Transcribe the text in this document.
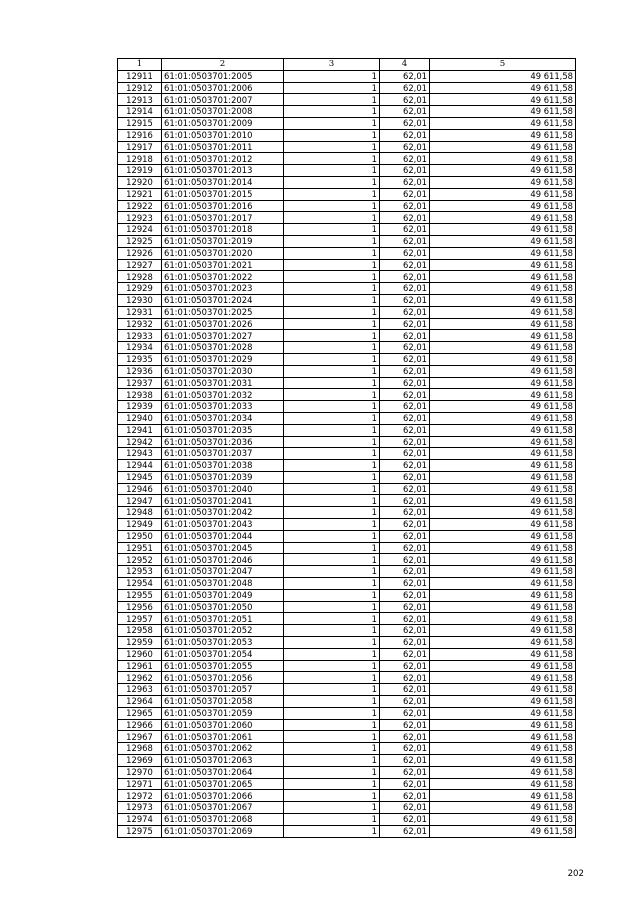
1	2	3	4	5
12911	61:01:0503701:2005	1	62,01	49 611,58
12912	61:01:0503701:2006	1	62,01	49 611,58
12913	61:01:0503701:2007	1	62,01	49 611,58
12914	61:01:0503701:2008	1	62,01	49 611,58
12915	61:01:0503701:2009	1	62,01	49 611,58
12916	61:01:0503701:2010	1	62,01	49 611,58
12917	61:01:0503701:2011	1	62,01	49 611,58
12918	61:01:0503701:2012	1	62,01	49 611,58
12919	61:01:0503701:2013	1	62,01	49 611,58
12920	61:01:0503701:2014	1	62,01	49 611,58
12921	61:01:0503701:2015	1	62,01	49 611,58
12922	61:01:0503701:2016	1	62,01	49 611,58
12923	61:01:0503701:2017	1	62,01	49 611,58
12924	61:01:0503701:2018	1	62,01	49 611,58
12925	61:01:0503701:2019	1	62,01	49 611,58
12926	61:01:0503701:2020	1	62,01	49 611,58
12927	61:01:0503701:2021	1	62,01	49 611,58
12928	61:01:0503701:2022	1	62,01	49 611,58
12929	61:01:0503701:2023	1	62,01	49 611,58
12930	61:01:0503701:2024	1	62,01	49 611,58
12931	61:01:0503701:2025	1	62,01	49 611,58
12932	61:01:0503701:2026	1	62,01	49 611,58
12933	61:01:0503701:2027	1	62,01	49 611,58
12934	61:01:0503701:2028	1	62,01	49 611,58
12935	61:01:0503701:2029	1	62,01	49 611,58
12936	61:01:0503701:2030	1	62,01	49 611,58
12937	61:01:0503701:2031	1	62,01	49 611,58
12938	61:01:0503701:2032	1	62,01	49 611,58
12939	61:01:0503701:2033	1	62,01	49 611,58
12940	61:01:0503701:2034	1	62,01	49 611,58
12941	61:01:0503701:2035	1	62,01	49 611,58
12942	61:01:0503701:2036	1	62,01	49 611,58
12943	61:01:0503701:2037	1	62,01	49 611,58
12944	61:01:0503701:2038	1	62,01	49 611,58
12945	61:01:0503701:2039	1	62,01	49 611,58
12946	61:01:0503701:2040	1	62,01	49 611,58
12947	61:01:0503701:2041	1	62,01	49 611,58
12948	61:01:0503701:2042	1	62,01	49 611,58
12949	61:01:0503701:2043	1	62,01	49 611,58
12950	61:01:0503701:2044	1	62,01	49 611,58
12951	61:01:0503701:2045	1	62,01	49 611,58
12952	61:01:0503701:2046	1	62,01	49 611,58
12953	61:01:0503701:2047	1	62,01	49 611,58
12954	61:01:0503701:2048	1	62,01	49 611,58
12955	61:01:0503701:2049	1	62,01	49 611,58
12956	61:01:0503701:2050	1	62,01	49 611,58
12957	61:01:0503701:2051	1	62,01	49 611,58
12958	61:01:0503701:2052	1	62,01	49 611,58
12959	61:01:0503701:2053	1	62,01	49 611,58
12960	61:01:0503701:2054	1	62,01	49 611,58
12961	61:01:0503701:2055	1	62,01	49 611,58
12962	61:01:0503701:2056	1	62,01	49 611,58
12963	61:01:0503701:2057	1	62,01	49 611,58
12964	61:01:0503701:2058	1	62,01	49 611,58
12965	61:01:0503701:2059	1	62,01	49 611,58
12966	61:01:0503701:2060	1	62,01	49 611,58
12967	61:01:0503701:2061	1	62,01	49 611,58
12968	61:01:0503701:2062	1	62,01	49 611,58
12969	61:01:0503701:2063	1	62,01	49 611,58
12970	61:01:0503701:2064	1	62,01	49 611,58
12971	61:01:0503701:2065	1	62,01	49 611,58
12972	61:01:0503701:2066	1	62,01	49 611,58
12973	61:01:0503701:2067	1	62,01	49 611,58
12974	61:01:0503701:2068	1	62,01	49 611,58
12975	61:01:0503701:2069	1	62,01	49 611,58
202
